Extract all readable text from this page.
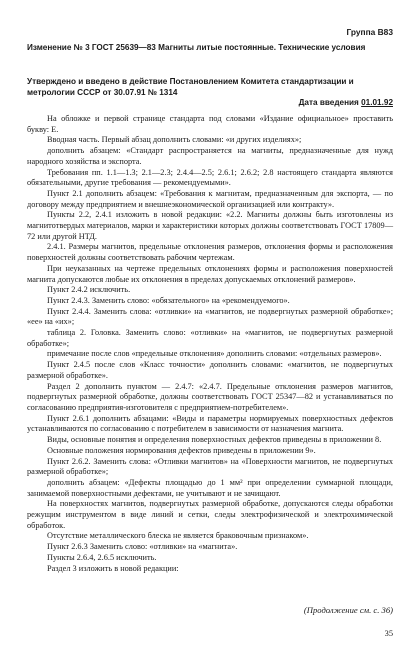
Группа В83
Изменение № 3 ГОСТ 25639—83 Магниты литые постоянные. Технические условия
Утверждено и введено в действие Постановлением Комитета стандартизации и метрологии СССР от 30.07.91 № 1314
Дата введения 01.01.92

На обложке и первой странице стандарта под словами «Издание официальное» проставить букву: Е.

Вводная часть. Первый абзац дополнить словами: «и других изделиях»;

дополнить абзацем: «Стандарт распространяется на магниты, предназначенные для нужд народного хозяйства и экспорта.

Требования пп. 1.1—1.3; 2.1—2.3; 2.4.4—2.5; 2.6.1; 2.6.2; 2.8 настоящего стандарта являются обязательными, другие требования — рекомендуемыми».

Пункт 2.1 дополнить абзацем: «Требования к магнитам, предназначенным для экспорта, — по договору между предприятием и внешнеэкономической организацией или контракту».

Пункты 2.2, 2.4.1 изложить в новой редакции: «2.2. Магниты должны быть изготовлены из магнитотвердых материалов, марки и характеристики которых должны соответствовать ГОСТ 17809—72 или другой НТД.

2.4.1. Размеры магнитов, предельные отклонения размеров, отклонения формы и расположения поверхностей должны соответствовать рабочим чертежам.

При неуказанных на чертеже предельных отклонениях формы и расположения поверхностей магнита допускаются любые их отклонения в пределах допускаемых отклонений размеров».

Пункт 2.4.2 исключить.

Пункт 2.4.3. Заменить слово: «обязательного» на «рекомендуемого».

Пункт 2.4.4. Заменить слова: «отливки» на «магнитов, не подвергнутых размерной обработке»; «ее» на «их»;

таблица 2. Головка. Заменить слово: «отливки» на «магнитов, не подвергнутых размерной обработке»;

примечание после слов «предельные отклонения» дополнить словами: «отдельных размеров».

Пункт 2.4.5 после слов «Класс точности» дополнить словами: «магнитов, не подвергнутых размерной обработке».

Раздел 2 дополнить пунктом — 2.4.7: «2.4.7. Предельные отклонения размеров магнитов, подвергнутых размерной обработке, должны соответствовать ГОСТ 25347—82 и устанавливаться по согласованию предприятия-изготовителя с предприятием-потребителем».

Пункт 2.6.1 дополнить абзацами: «Виды и параметры нормируемых поверхностных дефектов устанавливаются по согласованию с потребителем в зависимости от назначения магнита.

Виды, основные понятия и определения поверхностных дефектов приведены в приложении 8.

Основные положения нормирования дефектов приведены в приложении 9».

Пункт 2.6.2. Заменить слова: «Отливки магнитов» на «Поверхности магнитов, не подвергнутых размерной обработке»;

дополнить абзацем: «Дефекты площадью до 1 мм² при определении суммарной площади, занимаемой поверхностными дефектами, не учитывают и не зачищают.

На поверхностях магнитов, подвергнутых размерной обработке, допускаются следы обработки режущим инструментом в виде линий и сетки, следы электрофизической и электрохимической обработок.

Отсутствие металлического блеска не является браковочным признаком».

Пункт 2.6.3 Заменить слово: «отливки» на «магнита».

Пункты 2.6.4, 2.6.5 исключить.

Раздел 3 изложить в новой редакции:

(Продолжение см. с. 36)
35
